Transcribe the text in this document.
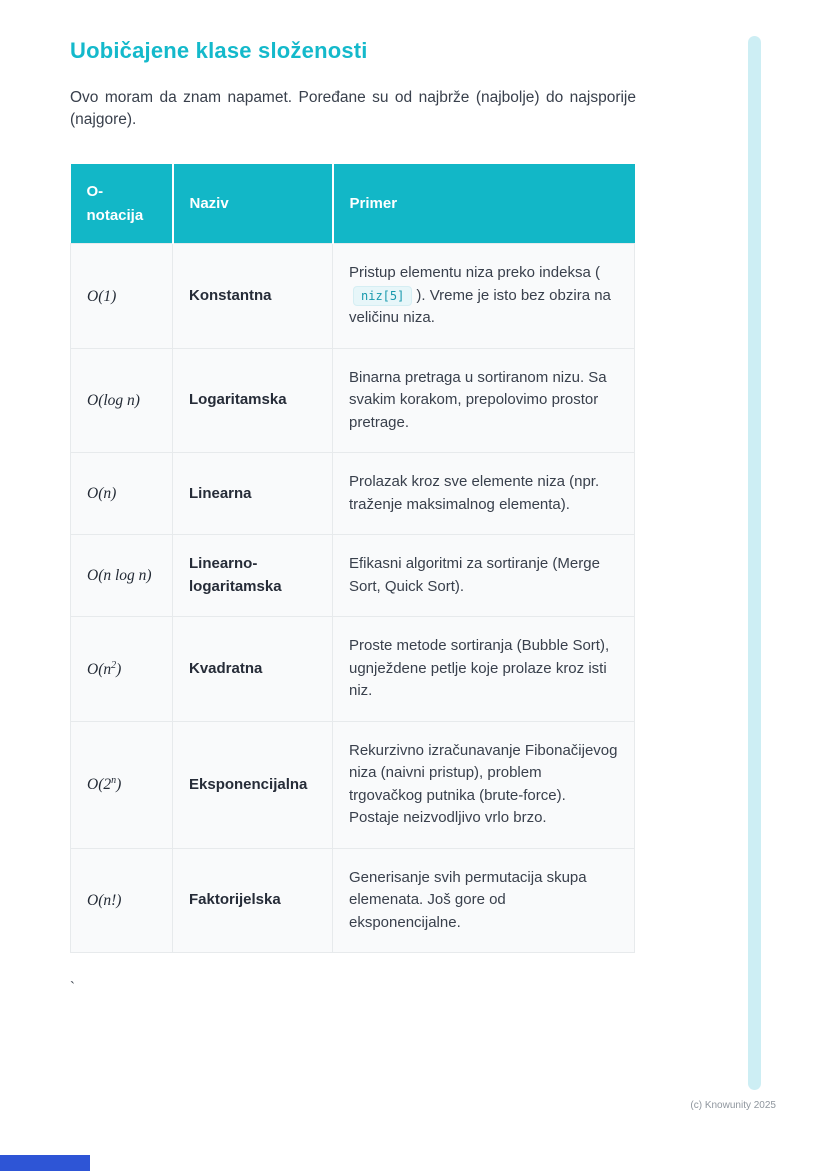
Uobičajene klase složenosti

Ovo moram da znam napamet. Poređane su od najbrže (najbolje) do najsporije (najgore).

O-notacija	Naziv	Primer
O(1)	Konstantna	Pristup elementu niza preko indeksa (niz[5] ). Vreme je isto bez obzira na veličinu niza.
O(log n)	Logaritamska	Binarna pretraga u sortiranom nizu. Sa svakim korakom, prepolovimo prostor pretrage.
O(n)	Linearna	Prolazak kroz sve elemente niza (npr. traženje maksimalnog elementa).
O(n log n)	Linearno-logaritamska	Efikasni algoritmi za sortiranje (Merge Sort, Quick Sort).
$O(n^2)$	Kvadratna	Proste metode sortiranja (Bubble Sort), ugnježdene petlje koje prolaze kroz isti niz.
O(2$^n$)	Eksponencijalna	Rekurzivno izračunavanje Fibonačijevog niza (naivni pristup), problem trgovačkog putnika (brute-force). Postaje neizvodljivo vrlo brzo.
O(n!)	Faktorijelska	Generisanje svih permutacija skupa elemenata. Još gore od eksponencijalne.

`

(c) Knowunity 2025
